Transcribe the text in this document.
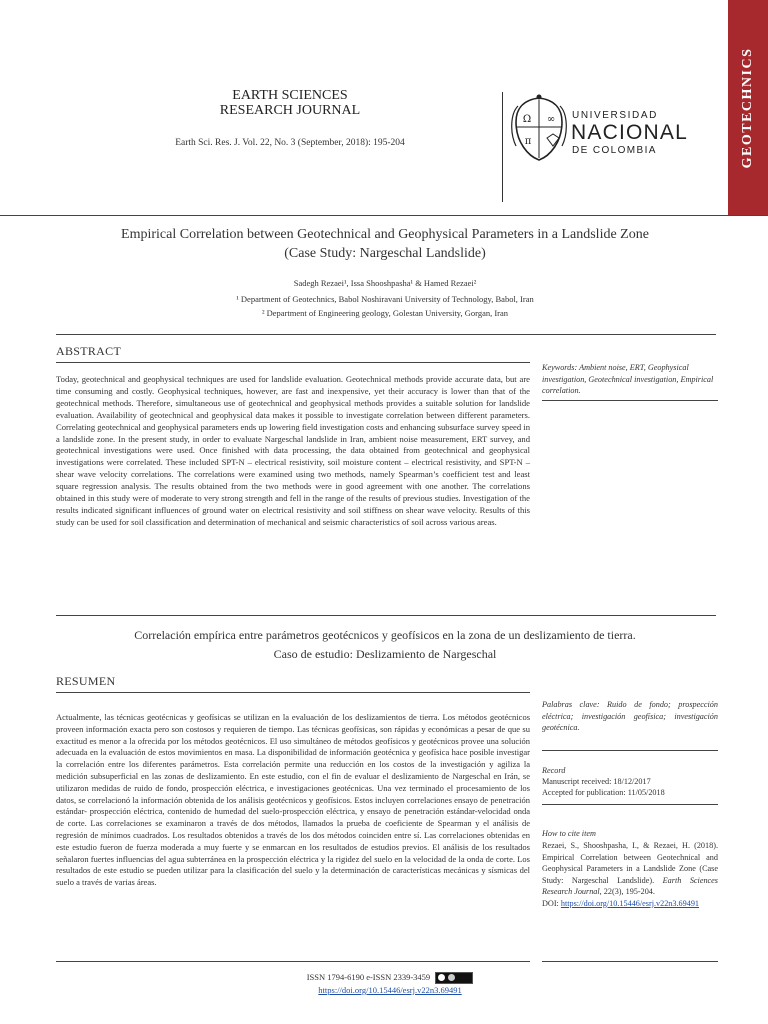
GEOTECHNICS
EARTH SCIENCES
RESEARCH JOURNAL
Earth Sci. Res. J. Vol. 22, No. 3 (September, 2018): 195-204
Ω ∞
π
UNIVERSIDAD
NACIONAL
DE COLOMBIA
Empirical Correlation between Geotechnical and Geophysical Parameters in a Landslide Zone
(Case Study: Nargeschal Landslide)
Sadegh Rezaei¹, Issa Shooshpasha¹ & Hamed Rezaei²
¹ Department of Geotechnics, Babol Noshiravani University of Technology, Babol, Iran
² Department of Engineering geology, Golestan University, Gorgan, Iran
ABSTRACT
Today, geotechnical and geophysical techniques are used for landslide evaluation. Geotechnical methods provide accurate data, but are time consuming and costly. Geophysical techniques, however, are fast and inexpensive, yet their accuracy is lower than that of the geotechnical methods. Therefore, simultaneous use of geotechnical and geophysical methods provides a suitable solution for landslide evaluation. Availability of geotechnical and geophysical data makes it possible to investigate correlation between different parameters. Correlating geotechnical and geophysical parameters ends up lowering field investigation costs and enhancing subsurface survey speed in a landslide zone. In the present study, in order to evaluate Nargeschal landslide in Iran, ambient noise measurement, ERT survey, and geotechnical investigations were used. Once finished with data processing, the data obtained from geotechnical and geophysical investigations were correlated. These included SPT-N – electrical resistivity, soil moisture content – electrical resistivity, and SPT-N – shear wave velocity correlations. The correlations were examined using two methods, namely Spearman’s coefficient test and least square regression analysis. The results obtained from the two methods were in good agreement with one another. The correlations obtained in this study were of moderate to very strong strength and fell in the range of the results of previous studies. Investigation of the results indicated significant influences of ground water on electrical resistivity and soil stiffness on shear wave velocity. Results of this study can be used for soil classification and determination of mechanical and seismic characteristics of soil across various areas.
Keywords: Ambient noise, ERT, Geophysical investigation, Geotechnical investigation, Empirical correlation.
Correlación empírica entre parámetros geotécnicos y geofísicos en la zona de un deslizamiento de tierra.
Caso de estudio: Deslizamiento de Nargeschal
RESUMEN
Actualmente, las técnicas geotécnicas y geofísicas se utilizan en la evaluación de los deslizamientos de tierra. Los métodos geotécnicos proveen información exacta pero son costosos y requieren de tiempo. Las técnicas geofísicas, son rápidas y económicas a pesar de que su exactitud es menor a la ofrecida por los métodos geotécnicos. El uso simultáneo de métodos geofísicos y geotécnicos provee una solución adecuada en la evaluación de estos movimientos en masa. La disponibilidad de información geotécnica y geofísica hace posible investigar la correlación entre los diferentes parámetros. Esta correlación permite una reducción en los costos de la investigación y agiliza la medición subsuperficial en las zonas de deslizamiento. En este estudio, con el fin de evaluar el deslizamiento de Nargeschal en Irán, se utilizaron medidas de ruido de fondo, prospección eléctrica, e investigaciones geotécnicas. Una vez terminado el procesamiento de los datos, se correlacionó la información obtenida de los análisis geotécnicos y geofísicos. Estos incluyen correlaciones ensayo de penetración estándar- prospección eléctrica, contenido de humedad del suelo-prospección eléctrica, y ensayo de penetración estándar-velocidad onda de corte. Las correlaciones se examinaron a través de dos métodos, llamados la prueba de coeficiente de Spearman y el análisis de regresión de mínimos cuadrados. Los resultados obtenidos a través de los dos métodos coinciden entre sí. Las correlaciones obtenidas en este estudio fueron de fuerza moderada a muy fuerte y se enmarcan en los resultados de estudios previos. El análisis de los resultados señalaron fuertes influencias del agua subterránea en la prospección eléctrica y la rigidez del suelo en la velocidad de la onda de corte. Los resultados de este estudio se pueden utilizar para la clasificación del suelo y la determinación de características mecánicas y sísmicas del suelo a través de varias áreas.
Palabras clave: Ruido de fondo; prospección eléctrica; investigación geofísica; investigación geotécnica.
Record
Manuscript received: 18/12/2017
Accepted for publication: 11/05/2018
How to cite item
Rezaei, S., Shooshpasha, I., & Rezaei, H. (2018). Empirical Correlation between Geotechnical and Geophysical Parameters in a Landslide Zone (Case Study: Nargeschal Landslide). Earth Sciences Research Journal, 22(3), 195-204.
DOI: https://doi.org/10.15446/esrj.v22n3.69491
ISSN 1794-6190 e-ISSN 2339-3459
https://doi.org/10.15446/esrj.v22n3.69491
